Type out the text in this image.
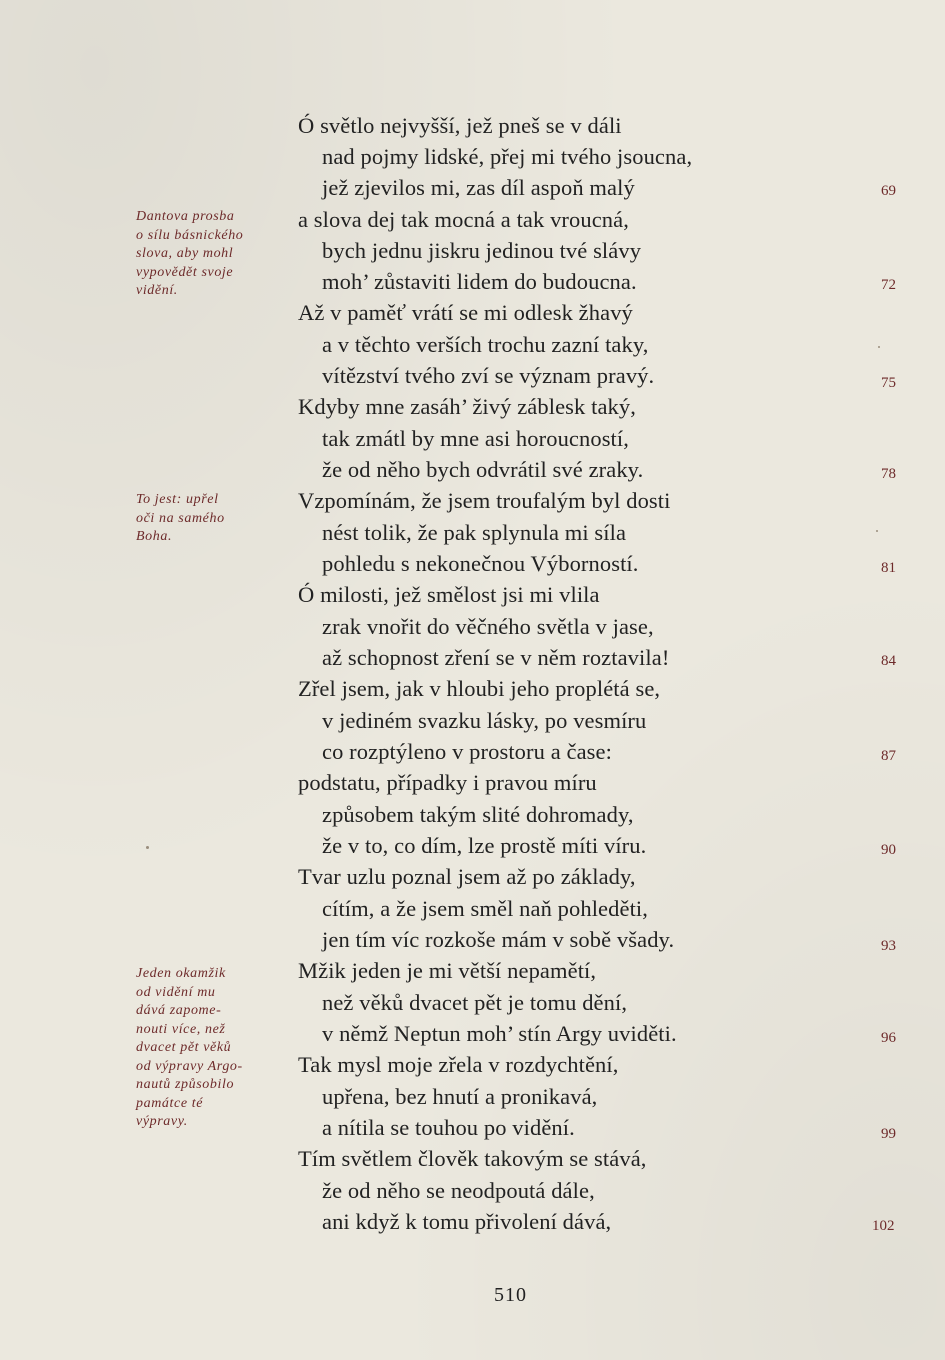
Ó světlo nejvyšší, jež pneš se v dáli
nad pojmy lidské, přej mi tvého jsoucna,
jež zjevilos mi, zas díl aspoň malý
a slova dej tak mocná a tak vroucná,
bych jednu jiskru jedinou tvé slávy
moh’ zůstaviti lidem do budoucna.
Až v paměť vrátí se mi odlesk žhavý
a v těchto verších trochu zazní taky,
vítězství tvého zví se význam pravý.
Kdyby mne zasáh’ živý záblesk taký,
tak zmátl by mne asi horoucností,
že od něho bych odvrátil své zraky.
Vzpomínám, že jsem troufalým byl dosti
nést tolik, že pak splynula mi síla
pohledu s nekonečnou Výborností.
Ó milosti, jež smělost jsi mi vlila
zrak vnořit do věčného světla v jase,
až schopnost zření se v něm roztavila!
Zřel jsem, jak v hloubi jeho proplétá se,
v jediném svazku lásky, po vesmíru
co rozptýleno v prostoru a čase:
podstatu, případky i pravou míru
způsobem takým slité dohromady,
že v to, co dím, lze prostě míti víru.
Tvar uzlu poznal jsem až po základy,
cítím, a že jsem směl naň pohleděti,
jen tím víc rozkoše mám v sobě všady.
Mžik jeden je mi větší nepamětí,
než věků dvacet pět je tomu dění,
v němž Neptun moh’ stín Argy uviděti.
Tak mysl moje zřela v rozdychtění,
upřena, bez hnutí a pronikavá,
a nítila se touhou po vidění.
Tím světlem člověk takovým se stává,
že od něho se neodpoutá dále,
ani když k tomu přivolení dává,
69
72
75
78
81
84
87
90
93
96
99
102
Dantova prosba
o sílu básnického
slova, aby mohl
vypovědět svoje
vidění.
To jest: upřel
oči na samého
Boha.
Jeden okamžik
od vidění mu
dává zapome-
nouti více, než
dvacet pět věků
od výpravy Argo-
nautů způsobilo
památce té
výpravy.
510
